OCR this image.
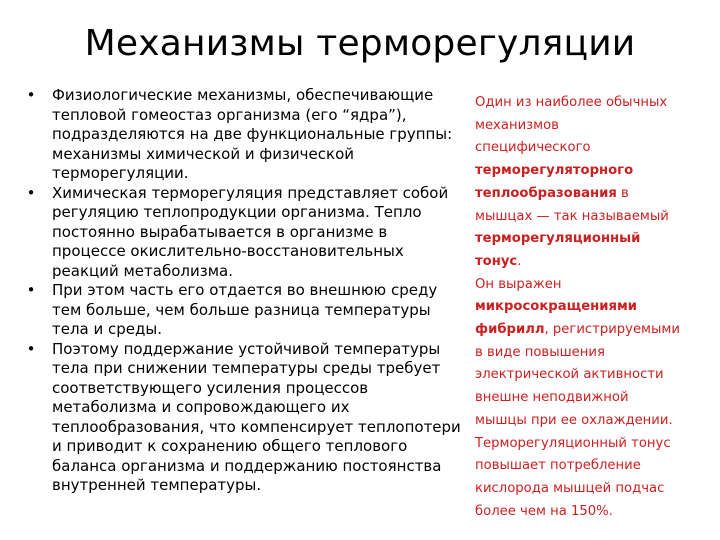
Механизмы терморегуляции
• Физиологические механизмы, обеспечивающие тепловой гомеостаз организма (его “ядра”), подразделяются на две функциональные группы: механизмы химической и физической терморегуляции.
• Химическая терморегуляция представляет собой регуляцию теплопродукции организма. Тепло постоянно вырабатывается в организме в процессе окислительно-восстановительных реакций метаболизма.
• При этом часть его отдается во внешнюю среду тем больше, чем больше разница температуры тела и среды.
• Поэтому поддержание устойчивой температуры тела при снижении температуры среды требует соответствующего усиления процессов метаболизма и сопровождающего их теплообразования, что компенсирует теплопотери и приводит к сохранению общего теплового баланса организма и поддержанию постоянства внутренней температуры.
Один из наиболее обычных
механизмов
специфического
терморегуляторного
теплообразования в
мышцах — так называемый
терморегуляционный
тонус.
Он выражен
микросокращениями
фибрилл, регистрируемыми
в виде повышения
электрической активности
внешне неподвижной
мышцы при ее охлаждении.
Терморегуляционный тонус
повышает потребление
кислорода мышцей подчас
более чем на 150%.
